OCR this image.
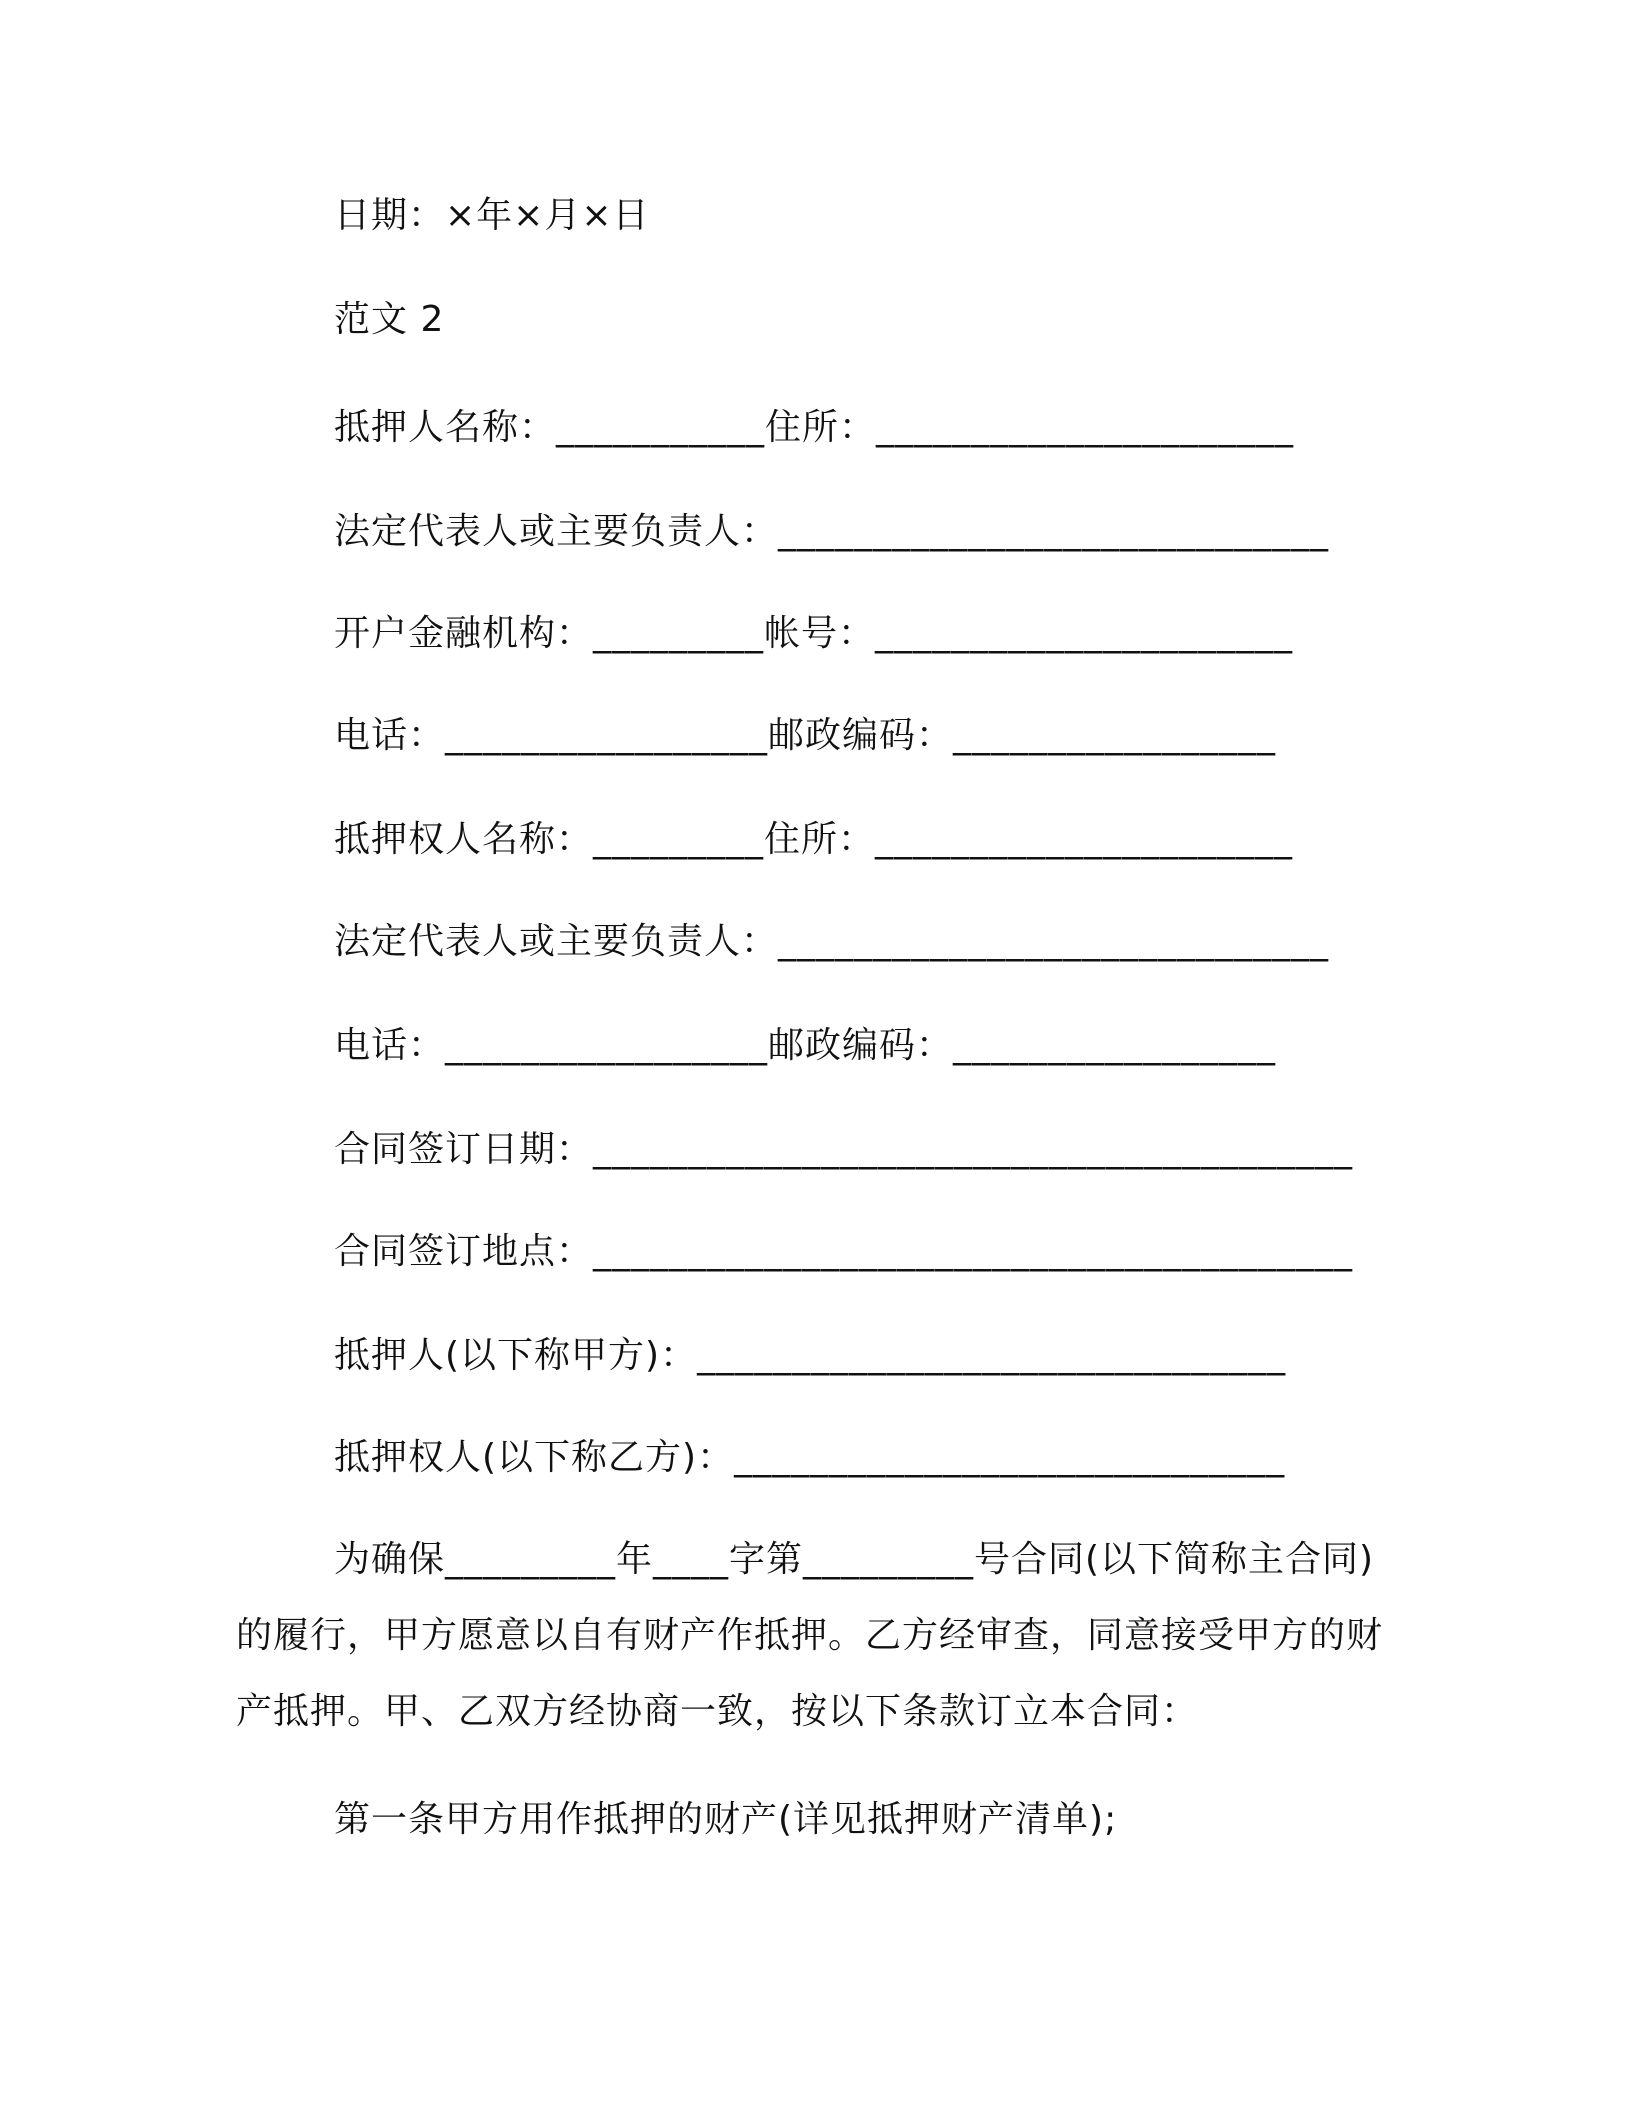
日期：×年×月×日
范文 2
抵押人名称：___________住所：______________________
法定代表人或主要负责人：_____________________________
开户金融机构：_________帐号：______________________
电话：_________________邮政编码：_________________
抵押权人名称：_________住所：______________________
法定代表人或主要负责人：_____________________________
电话：_________________邮政编码：_________________
合同签订日期：________________________________________
合同签订地点：________________________________________
抵押人(以下称甲方)：_______________________________
抵押权人(以下称乙方)：_____________________________
为确保_________年____字第_________号合同(以下简称主合同)的履行，甲方愿意以自有财产作抵押。乙方经审查，同意接受甲方的财产抵押。甲、乙双方经协商一致，按以下条款订立本合同：
第一条甲方用作抵押的财产(详见抵押财产清单);
